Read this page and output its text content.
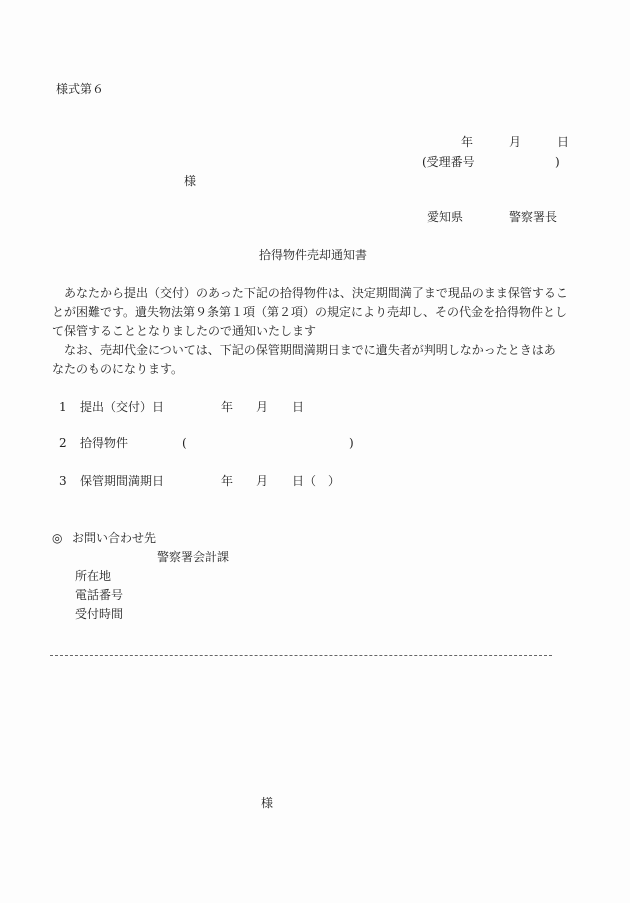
様式第６
年	月	日
(受理番号	)
様
愛知県	警察署長
拾得物件売却通知書
　あなたから提出（交付）のあった下記の拾得物件は、決定期間満了まで現品のまま保管するこ
とが困難です。遺失物法第９条第１項（第２項）の規定により売却し、その代金を拾得物件とし
て保管することとなりましたので通知いたします
　なお、売却代金については、下記の保管期間満期日までに遺失者が判明しなかったときはあ
なたのものになります。
1 提出（交付）日	年 月 日
2 拾得物件	(	)
3 保管期間満期日	年 月 日（　）
◎ お問い合わせ先
警察署会計課
所在地
電話番号
受付時間
様
